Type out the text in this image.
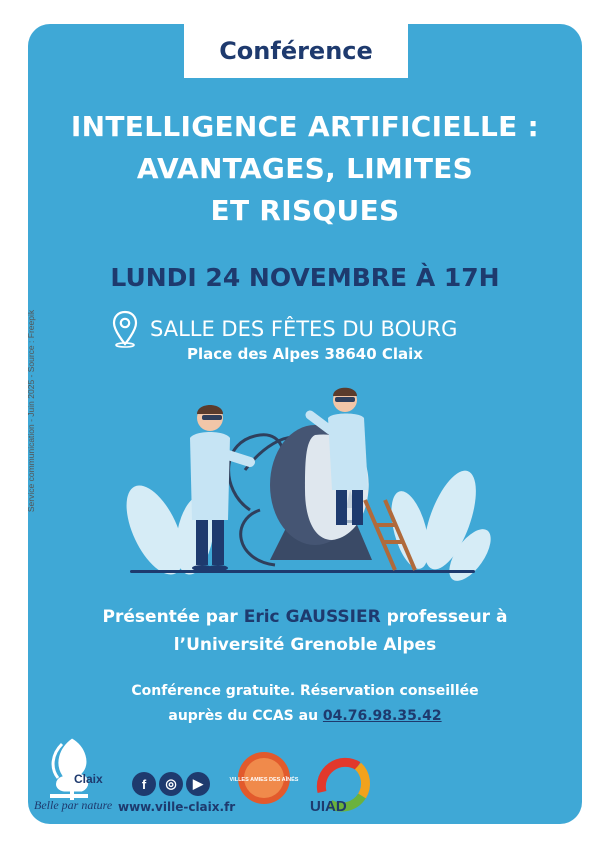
Conférence
Service communication - Juin 2025 - Source : Freepik
INTELLIGENCE ARTIFICIELLE :
AVANTAGES, LIMITES
ET RISQUES
LUNDI 24 NOVEMBRE À 17H
SALLE DES FÊTES DU BOURG
Place des Alpes 38640 Claix
Présentée par Eric GAUSSIER professeur à
l’Université Grenoble Alpes
Conférence gratuite. Réservation conseillée
auprès du CCAS au 04.76.98.35.42
Claix
Belle par nature
f	◎	▶
www.ville-claix.fr
VILLES AMIES DES AÎNÉS
UIAD
